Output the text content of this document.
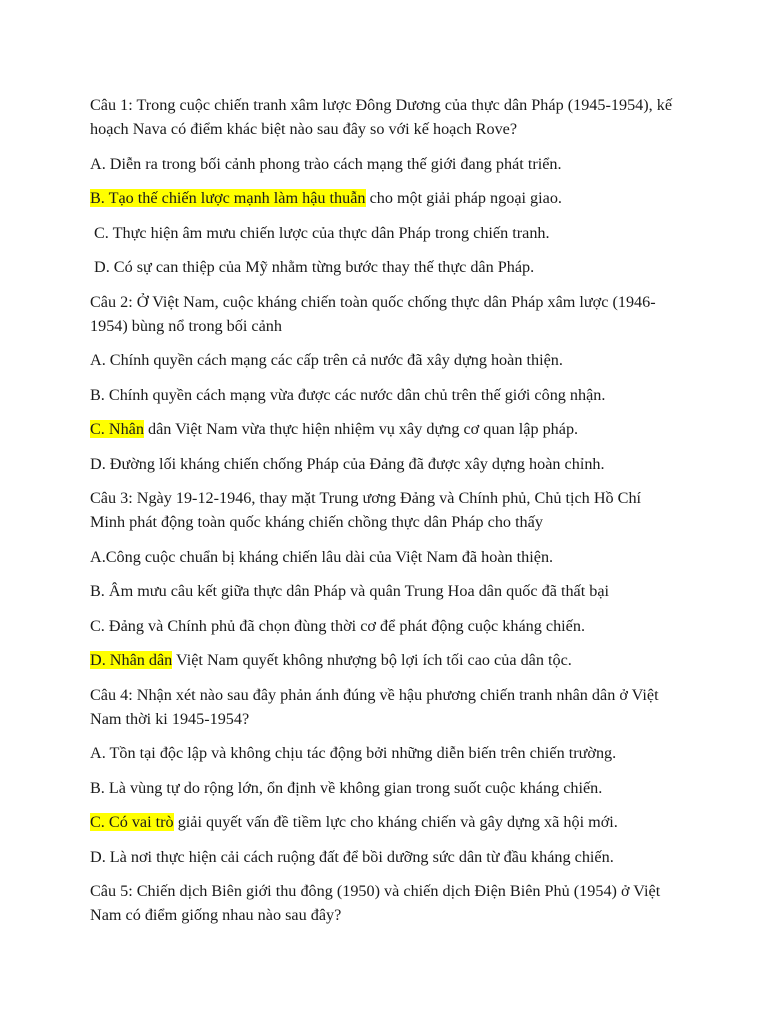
Câu 1: Trong cuộc chiến tranh xâm lược Đông Dương của thực dân Pháp (1945-1954), kế hoạch Nava có điểm khác biệt nào sau đây so với kế hoạch Rove?

A. Diễn ra trong bối cảnh phong trào cách mạng thế giới đang phát triển.

B. Tạo thế chiến lược mạnh làm hậu thuẫn cho một giải pháp ngoại giao.

C. Thực hiện âm mưu chiến lược của thực dân Pháp trong chiến tranh.

D. Có sự can thiệp của Mỹ nhằm từng bước thay thế thực dân Pháp.

Câu 2: Ở Việt Nam, cuộc kháng chiến toàn quốc chống thực dân Pháp xâm lược (1946-1954) bùng nổ trong bối cảnh

A. Chính quyền cách mạng các cấp trên cả nước đã xây dựng hoàn thiện.

B. Chính quyền cách mạng vừa được các nước dân chủ trên thế giới công nhận.

C. Nhân dân Việt Nam vừa thực hiện nhiệm vụ xây dựng cơ quan lập pháp.

D. Đường lối kháng chiến chống Pháp của Đảng đã được xây dựng hoàn chỉnh.

Câu 3: Ngày 19-12-1946, thay mặt Trung ương Đảng và Chính phủ, Chủ tịch Hồ Chí Minh phát động toàn quốc kháng chiến chồng thực dân Pháp cho thấy

A.Công cuộc chuẩn bị kháng chiến lâu dài của Việt Nam đã hoàn thiện.

B. Âm mưu câu kết giữa thực dân Pháp và quân Trung Hoa dân quốc đã thất bại

C. Đảng và Chính phủ đã chọn đùng thời cơ để phát động cuộc kháng chiến.

D. Nhân dân Việt Nam quyết không nhượng bộ lợi ích tối cao của dân tộc.

Câu 4: Nhận xét nào sau đây phản ánh đúng về hậu phương chiến tranh nhân dân ở Việt Nam thời ki 1945-1954?

A. Tồn tại độc lập và không chịu tác động bởi những diễn biến trên chiến trường.

B. Là vùng tự do rộng lớn, ổn định về không gian trong suốt cuộc kháng chiến.

C. Có vai trò giải quyết vấn đề tiềm lực cho kháng chiến và gây dựng xã hội mới.

D. Là nơi thực hiện cải cách ruộng đất để bồi dưỡng sức dân từ đầu kháng chiến.

Câu 5: Chiến dịch Biên giới thu đông (1950) và chiến dịch Điện Biên Phủ (1954) ở Việt Nam có điểm giống nhau nào sau đây?
